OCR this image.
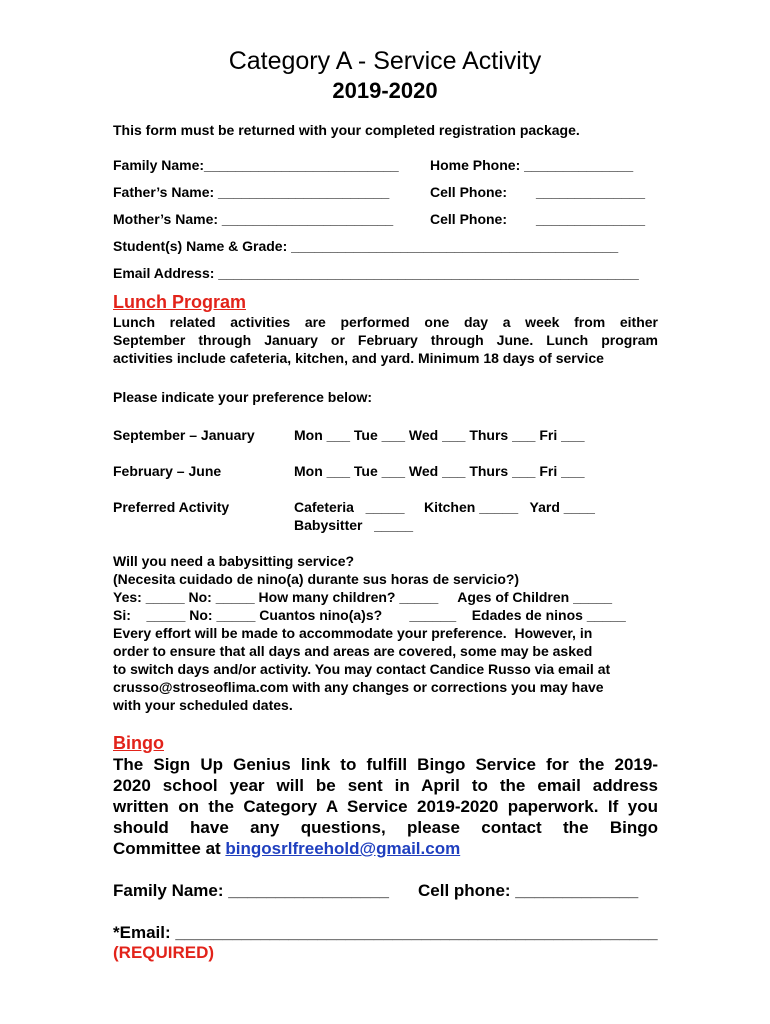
Category A - Service Activity
2019-2020
This form must be returned with your completed registration package.
Family Name:_________________________ Home Phone: ______________
Father’s Name: ______________________	Cell Phone: ______________
Mother’s Name: ______________________	Cell Phone: ______________
Student(s) Name & Grade: __________________________________________
Email Address: ______________________________________________________
Lunch Program
Lunch related activities are performed one day a week from either
September through January or February through June. Lunch program
activities include cafeteria, kitchen, and yard. Minimum 18 days of service
Please indicate your preference below:
September – January	Mon ___ Tue ___ Wed ___ Thurs ___ Fri ___
February – June	Mon ___ Tue ___ Wed ___ Thurs ___ Fri ___
Preferred Activity	Cafeteria   _____     Kitchen _____   Yard ____
Babysitter   _____
Will you need a babysitting service?
(Necesita cuidado de nino(a) durante sus horas de servicio?)
Yes: _____ No: _____ How many children? _____     Ages of Children _____
Si:    _____ No: _____ Cuantos nino(a)s?       ______    Edades de ninos _____
Every effort will be made to accommodate your preference.  However, in
order to ensure that all days and areas are covered, some may be asked
to switch days and/or activity. You may contact Candice Russo via email at
crusso@stroseoflima.com with any changes or corrections you may have
with your scheduled dates.
Bingo
The Sign Up Genius link to fulfill Bingo Service for the 2019-
2020 school year will be sent in April to the email address
written on the Category A Service 2019-2020 paperwork. If you
should have any questions, please contact the Bingo
Committee at bingosrlfreehold@gmail.com
Family Name: _________________ Cell phone: _____________
*Email: ___________________________________________________
(REQUIRED)
